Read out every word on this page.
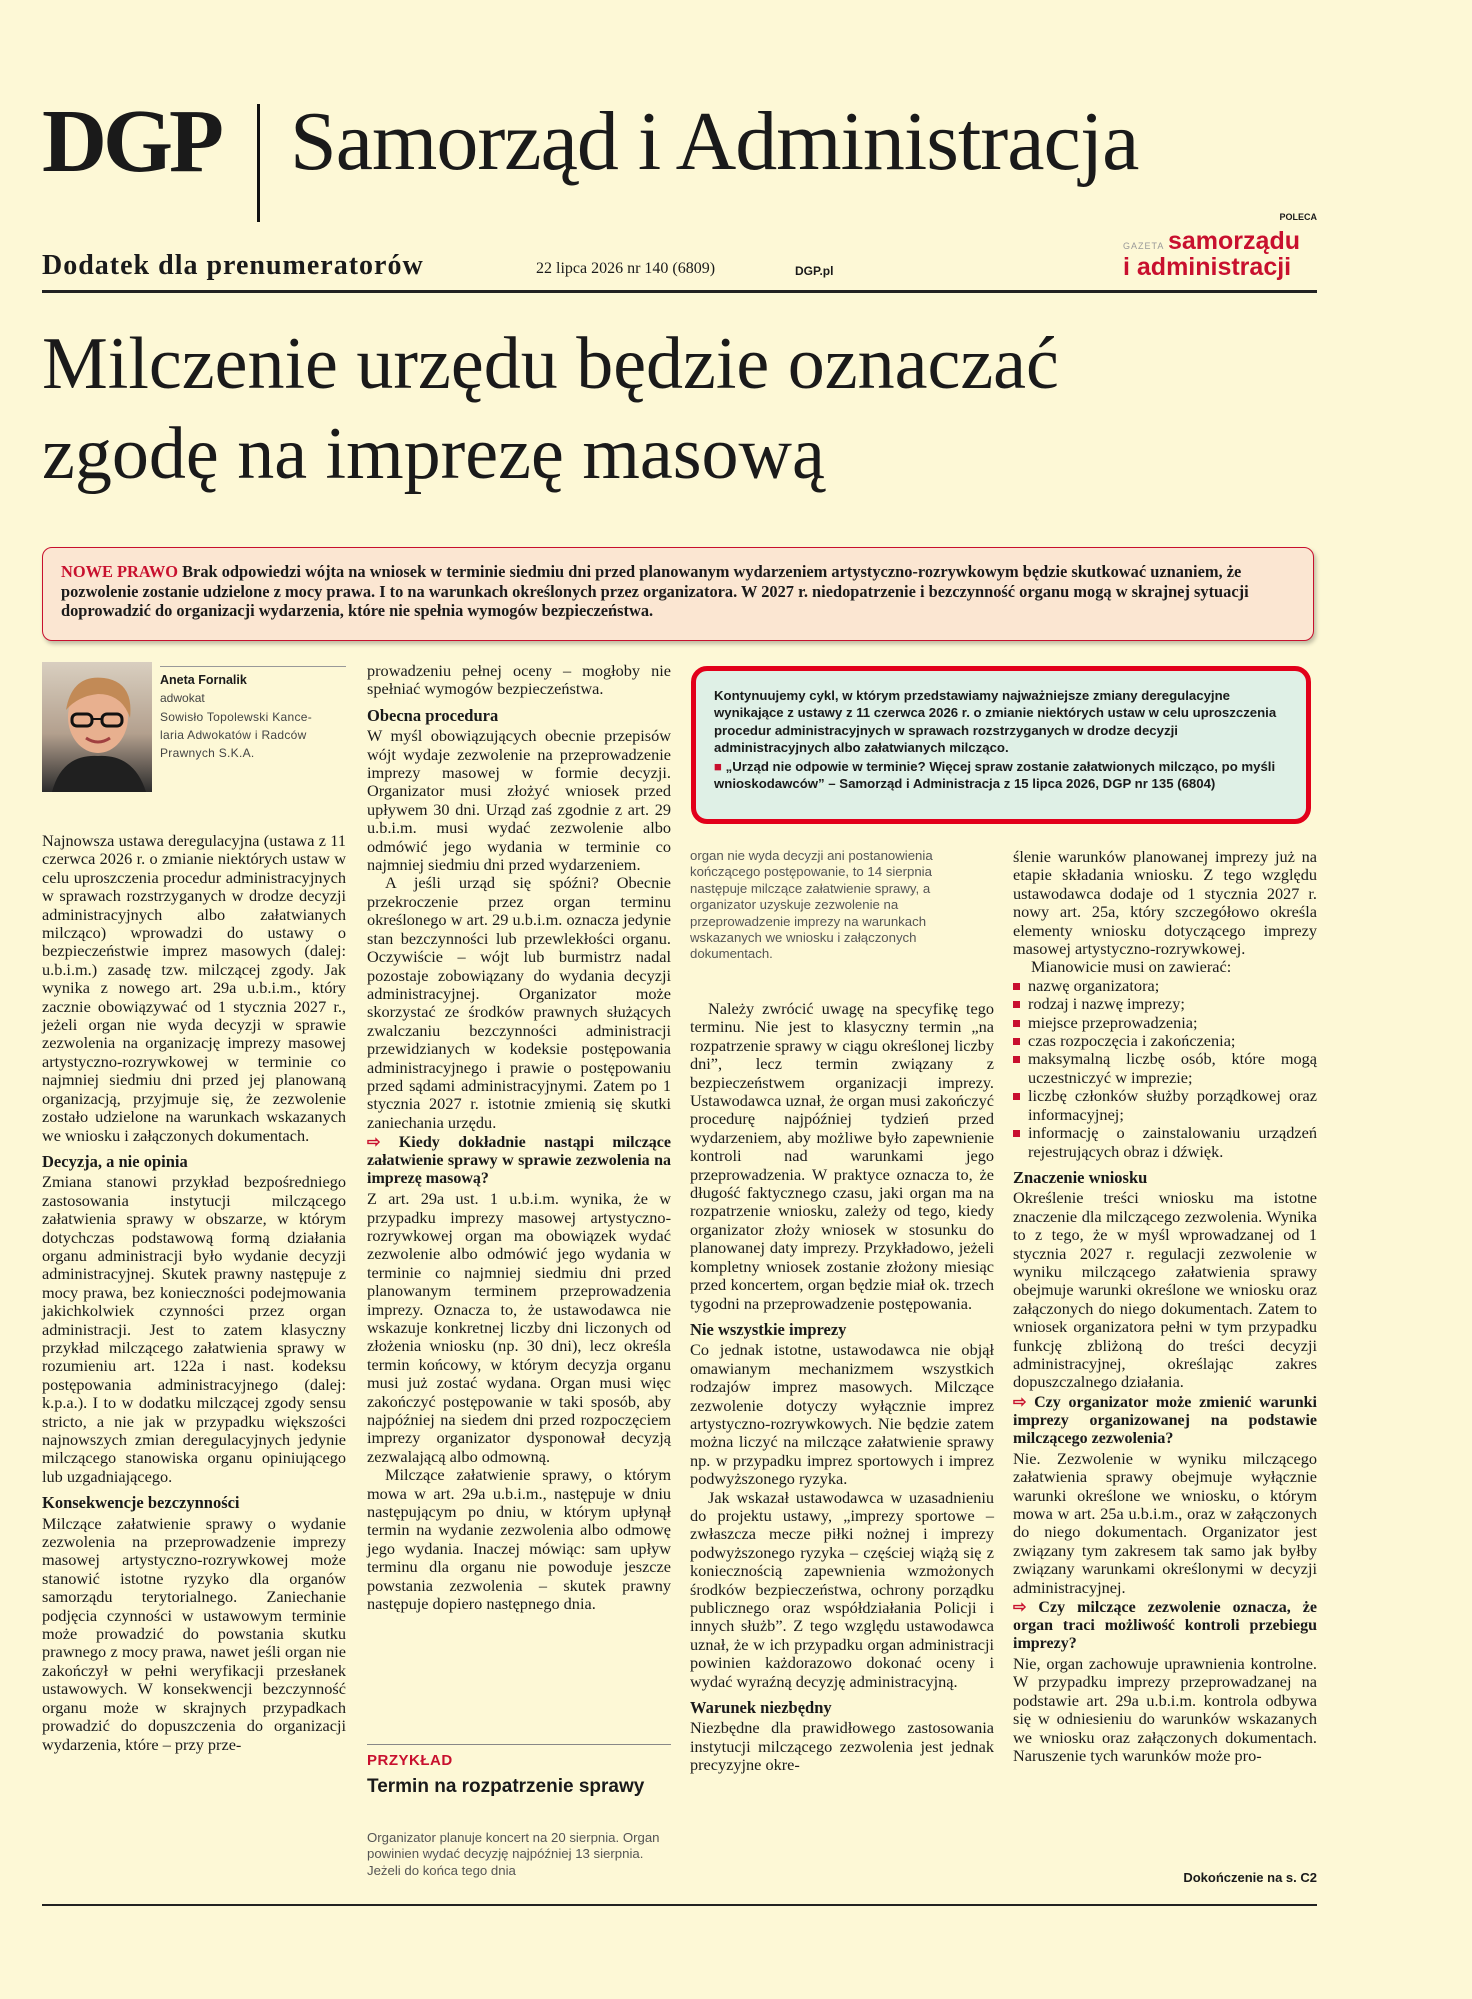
DGP Samorząd i Administracja
Dodatek dla prenumeratorów	22 lipca 2026 nr 140 (6809)	DGP.pl
POLECA
GAZETA samorządu
i administracji
Milczenie urzędu będzie oznaczać
zgodę na imprezę masową

NOWE PRAWO Brak odpowiedzi wójta na wniosek w terminie siedmiu dni przed planowanym wydarzeniem artystyczno-rozrywkowym będzie skutkować uznaniem, że pozwolenie zostanie udzielone z mocy prawa. I to na warunkach określonych przez organizatora. W 2027 r. niedopatrzenie i bezczynność organu mogą w skrajnej sytuacji doprowadzić do organizacji wydarzenia, które nie spełnia wymogów bezpieczeństwa.

Aneta Fornalik
adwokat
Sowisło Topolewski Kance-
laria Adwokatów i Radców
Prawnych S.K.A.

Najnowsza ustawa deregulacyjna (ustawa z 11 czerwca 2026 r. o zmianie niektórych ustaw w celu uproszczenia procedur administracyjnych w sprawach rozstrzyganych w drodze decyzji administracyjnych albo załatwianych milcząco) wprowadzi do ustawy o bezpieczeństwie imprez masowych (dalej: u.b.i.m.) zasadę tzw. milczącej zgody. Jak wynika z nowego art. 29a u.b.i.m., który zacznie obowiązywać od 1 stycznia 2027 r., jeżeli organ nie wyda decyzji w sprawie zezwolenia na organizację imprezy masowej artystyczno-rozrywkowej w terminie co najmniej siedmiu dni przed jej planowaną organizacją, przyjmuje się, że zezwolenie zostało udzielone na warunkach wskazanych we wniosku i załączonych dokumentach.

Decyzja, a nie opinia

Zmiana stanowi przykład bezpośredniego zastosowania instytucji milczącego załatwienia sprawy w obszarze, w którym dotychczas podstawową formą działania organu administracji było wydanie decyzji administracyjnej. Skutek prawny następuje z mocy prawa, bez konieczności podejmowania jakichkolwiek czynności przez organ administracji. Jest to zatem klasyczny przykład milczącego załatwienia sprawy w rozumieniu art. 122a i nast. kodeksu postępowania administracyjnego (dalej: k.p.a.). I to w dodatku milczącej zgody sensu stricto, a nie jak w przypadku większości najnowszych zmian deregulacyjnych jedynie milczącego stanowiska organu opiniującego lub uzgadniającego.

Konsekwencje bezczynności

Milczące załatwienie sprawy o wydanie zezwolenia na przeprowadzenie imprezy masowej artystyczno-rozrywkowej może stanowić istotne ryzyko dla organów samorządu terytorialnego. Zaniechanie podjęcia czynności w ustawowym terminie może prowadzić do powstania skutku prawnego z mocy prawa, nawet jeśli organ nie zakończył w pełni weryfikacji przesłanek ustawowych. W konsekwencji bezczynność organu może w skrajnych przypadkach prowadzić do dopuszczenia do organizacji wydarzenia, które – przy prze-

prowadzeniu pełnej oceny – mogłoby nie spełniać wymogów bezpieczeństwa.

Obecna procedura

W myśl obowiązujących obecnie przepisów wójt wydaje zezwolenie na przeprowadzenie imprezy masowej w formie decyzji. Organizator musi złożyć wniosek przed upływem 30 dni. Urząd zaś zgodnie z art. 29 u.b.i.m. musi wydać zezwolenie albo odmówić jego wydania w terminie co najmniej siedmiu dni przed wydarzeniem.

A jeśli urząd się spóźni? Obecnie przekroczenie przez organ terminu określonego w art. 29 u.b.i.m. oznacza jedynie stan bezczynności lub przewlekłości organu. Oczywiście – wójt lub burmistrz nadal pozostaje zobowiązany do wydania decyzji administracyjnej. Organizator może skorzystać ze środków prawnych służących zwalczaniu bezczynności administracji przewidzianych w kodeksie postępowania administracyjnego i prawie o postępowaniu przed sądami administracyjnymi. Zatem po 1 stycznia 2027 r. istotnie zmienią się skutki zaniechania urzędu.

⇨ Kiedy dokładnie nastąpi milczące załatwienie sprawy w sprawie zezwolenia na imprezę masową?

Z art. 29a ust. 1 u.b.i.m. wynika, że w przypadku imprezy masowej artystyczno-rozrywkowej organ ma obowiązek wydać zezwolenie albo odmówić jego wydania w terminie co najmniej siedmiu dni przed planowanym terminem przeprowadzenia imprezy. Oznacza to, że ustawodawca nie wskazuje konkretnej liczby dni liczonych od złożenia wniosku (np. 30 dni), lecz określa termin końcowy, w którym decyzja organu musi już zostać wydana. Organ musi więc zakończyć postępowanie w taki sposób, aby najpóźniej na siedem dni przed rozpoczęciem imprezy organizator dysponował decyzją zezwalającą albo odmowną.

Milczące załatwienie sprawy, o którym mowa w art. 29a u.b.i.m., następuje w dniu następującym po dniu, w którym upłynął termin na wydanie zezwolenia albo odmowę jego wydania. Inaczej mówiąc: sam upływ terminu dla organu nie powoduje jeszcze powstania zezwolenia – skutek prawny następuje dopiero następnego dnia.

PRZYKŁAD
Termin na rozpatrzenie sprawy

Organizator planuje koncert na 20 sierpnia. Organ powinien wydać decyzję najpóźniej 13 sierpnia. Jeżeli do końca tego dnia

Kontynuujemy cykl, w którym przedstawiamy najważniejsze zmiany deregulacyjne wynikające z ustawy z 11 czerwca 2026 r. o zmianie niektórych ustaw w celu uproszczenia procedur administracyjnych w sprawach rozstrzyganych w drodze decyzji administracyjnych albo załatwianych milcząco.

■ „Urząd nie odpowie w terminie? Więcej spraw zostanie załatwionych milcząco, po myśli wnioskodawców” – Samorząd i Administracja z 15 lipca 2026, DGP nr 135 (6804)

organ nie wyda decyzji ani postanowienia kończącego postępowanie, to 14 sierpnia następuje milczące załatwienie sprawy, a organizator uzyskuje zezwolenie na przeprowadzenie imprezy na warunkach wskazanych we wniosku i załączonych dokumentach.

Należy zwrócić uwagę na specyfikę tego terminu. Nie jest to klasyczny termin „na rozpatrzenie sprawy w ciągu określonej liczby dni”, lecz termin związany z bezpieczeństwem organizacji imprezy. Ustawodawca uznał, że organ musi zakończyć procedurę najpóźniej tydzień przed wydarzeniem, aby możliwe było zapewnienie kontroli nad warunkami jego przeprowadzenia. W praktyce oznacza to, że długość faktycznego czasu, jaki organ ma na rozpatrzenie wniosku, zależy od tego, kiedy organizator złoży wniosek w stosunku do planowanej daty imprezy. Przykładowo, jeżeli kompletny wniosek zostanie złożony miesiąc przed koncertem, organ będzie miał ok. trzech tygodni na przeprowadzenie postępowania.

Nie wszystkie imprezy

Co jednak istotne, ustawodawca nie objął omawianym mechanizmem wszystkich rodzajów imprez masowych. Milczące zezwolenie dotyczy wyłącznie imprez artystyczno-rozrywkowych. Nie będzie zatem można liczyć na milczące załatwienie sprawy np. w przypadku imprez sportowych i imprez podwyższonego ryzyka.

Jak wskazał ustawodawca w uzasadnieniu do projektu ustawy, „imprezy sportowe – zwłaszcza mecze piłki nożnej i imprezy podwyższonego ryzyka – częściej wiążą się z koniecznością zapewnienia wzmożonych środków bezpieczeństwa, ochrony porządku publicznego oraz współdziałania Policji i innych służb”. Z tego względu ustawodawca uznał, że w ich przypadku organ administracji powinien każdorazowo dokonać oceny i wydać wyraźną decyzję administracyjną.

Warunek niezbędny

Niezbędne dla prawidłowego zastosowania instytucji milczącego zezwolenia jest jednak precyzyjne okre-

ślenie warunków planowanej imprezy już na etapie składania wniosku. Z tego względu ustawodawca dodaje od 1 stycznia 2027 r. nowy art. 25a, który szczegółowo określa elementy wniosku dotyczącego imprezy masowej artystyczno-rozrywkowej.

Mianowicie musi on zawierać:

nazwę organizatora;
rodzaj i nazwę imprezy;
miejsce przeprowadzenia;
czas rozpoczęcia i zakończenia;
maksymalną liczbę osób, które mogą uczestniczyć w imprezie;
liczbę członków służby porządkowej oraz informacyjnej;
informację o zainstalowaniu urządzeń rejestrujących obraz i dźwięk.
Znaczenie wniosku

Określenie treści wniosku ma istotne znaczenie dla milczącego zezwolenia. Wynika to z tego, że w myśl wprowadzanej od 1 stycznia 2027 r. regulacji zezwolenie w wyniku milczącego załatwienia sprawy obejmuje warunki określone we wniosku oraz załączonych do niego dokumentach. Zatem to wniosek organizatora pełni w tym przypadku funkcję zbliżoną do treści decyzji administracyjnej, określając zakres dopuszczalnego działania.

⇨ Czy organizator może zmienić warunki imprezy organizowanej na podstawie milczącego zezwolenia?

Nie. Zezwolenie w wyniku milczącego załatwienia sprawy obejmuje wyłącznie warunki określone we wniosku, o którym mowa w art. 25a u.b.i.m., oraz w załączonych do niego dokumentach. Organizator jest związany tym zakresem tak samo jak byłby związany warunkami określonymi w decyzji administracyjnej.

⇨ Czy milczące zezwolenie oznacza, że organ traci możliwość kontroli przebiegu imprezy?

Nie, organ zachowuje uprawnienia kontrolne. W przypadku imprezy przeprowadzanej na podstawie art. 29a u.b.i.m. kontrola odbywa się w odniesieniu do warunków wskazanych we wniosku oraz załączonych dokumentach. Naruszenie tych warunków może pro-

Dokończenie na s. C2
